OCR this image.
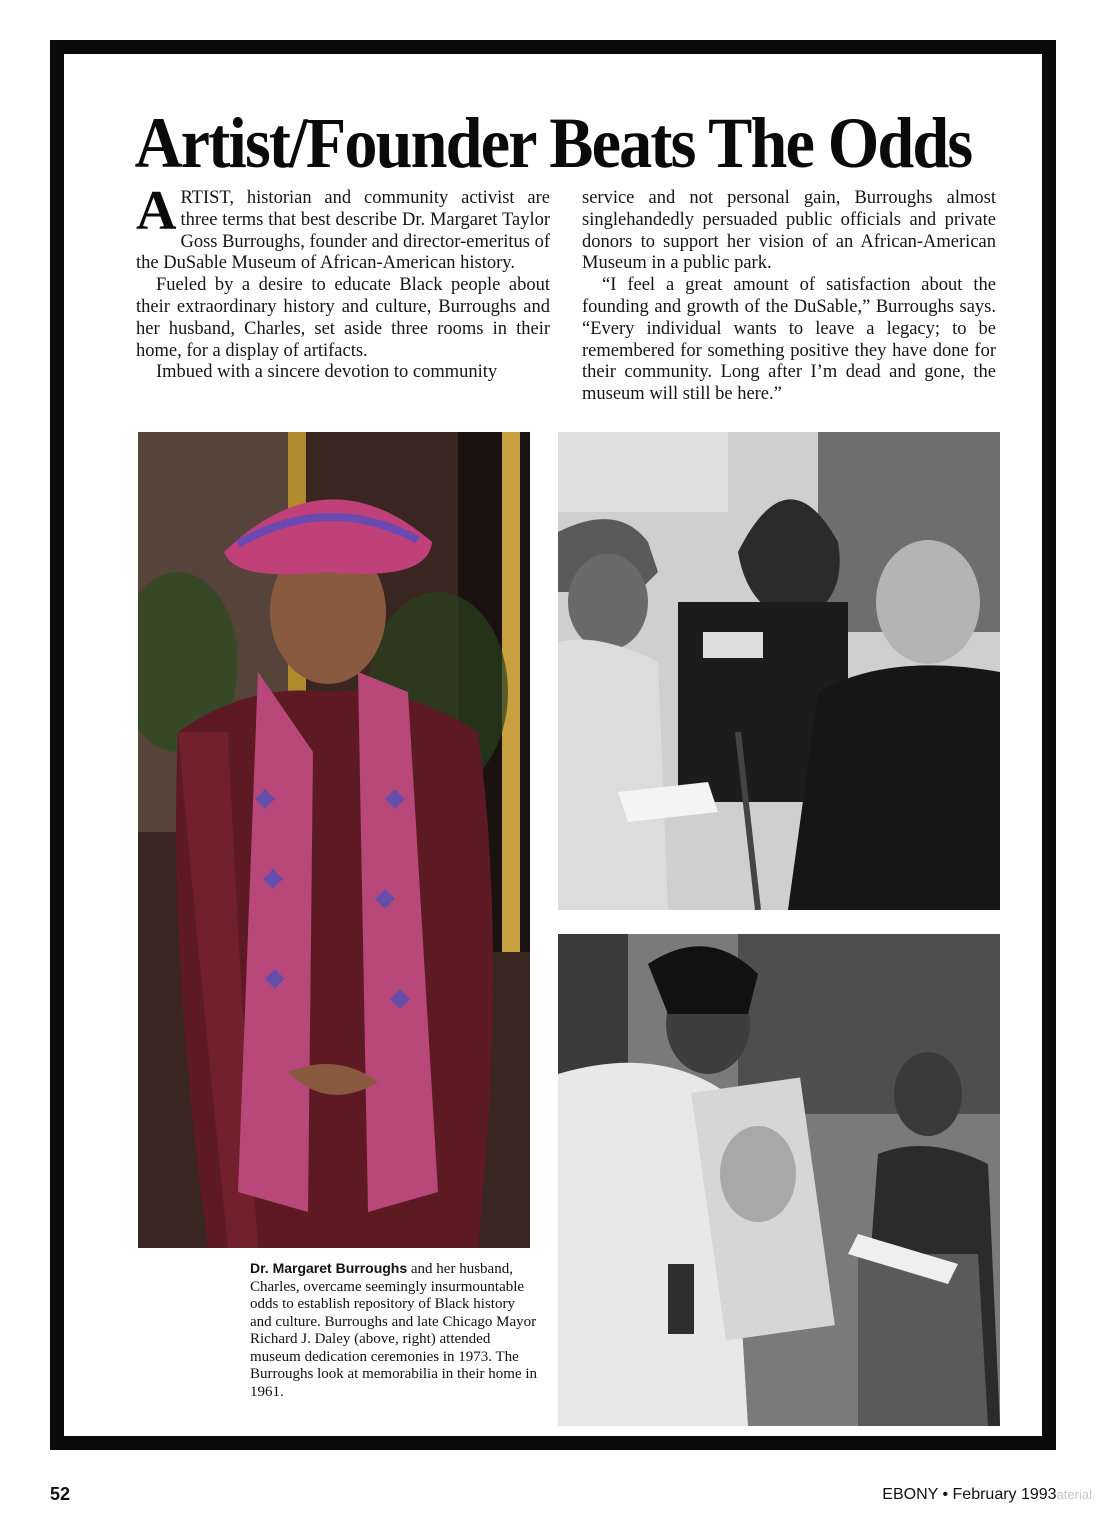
Artist/Founder Beats The Odds

ARTIST, historian and community activist are three terms that best describe Dr. Margaret Taylor Goss Burroughs, founder and director-emeritus of the DuSable Museum of African-American history.

Fueled by a desire to educate Black people about their extraordinary history and culture, Burroughs and her husband, Charles, set aside three rooms in their home, for a display of artifacts.

Imbued with a sincere devotion to community

service and not personal gain, Burroughs almost singlehandedly persuaded public officials and private donors to support her vision of an African-American Museum in a public park.

“I feel a great amount of satisfaction about the founding and growth of the DuSable,” Burroughs says. “Every individual wants to leave a legacy; to be remembered for something positive they have done for their community. Long after I’m dead and gone, the museum will still be here.”

Dr. Margaret Burroughs and her husband, Charles, overcame seemingly insurmountable odds to establish repository of Black history and culture. Burroughs and late Chicago Mayor Richard J. Daley (above, right) attended museum dedication ceremonies in 1973. The Burroughs look at memorabilia in their home in 1961.
52	EBONY • February 1993aterial
